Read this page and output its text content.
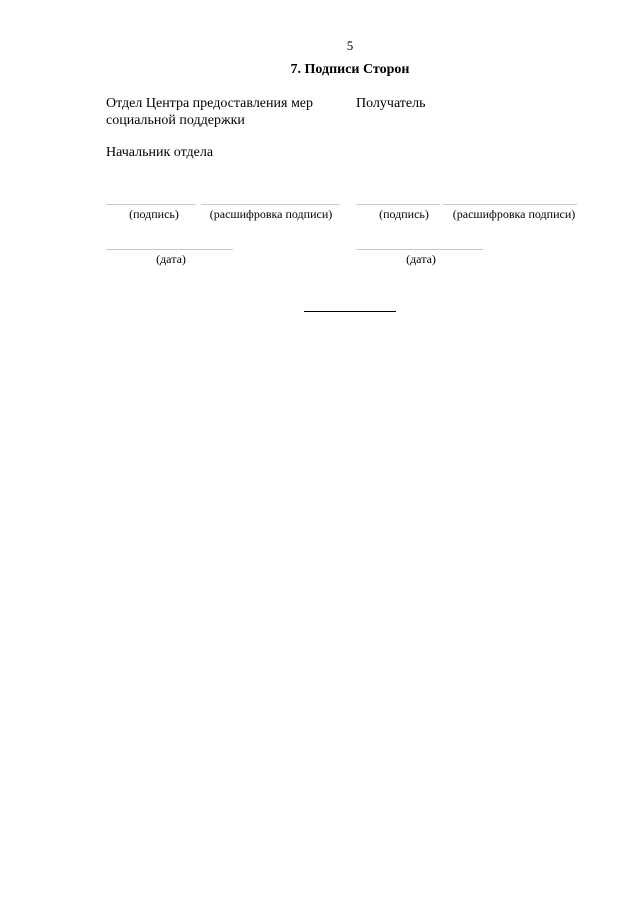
5
7. Подписи Сторон
Отдел Центра предоставления мер
социальной поддержки
Начальник отдела
(подпись)	(расшифровка подписи)
(дата)
Получатель
(подпись)	(расшифровка подписи)
(дата)
